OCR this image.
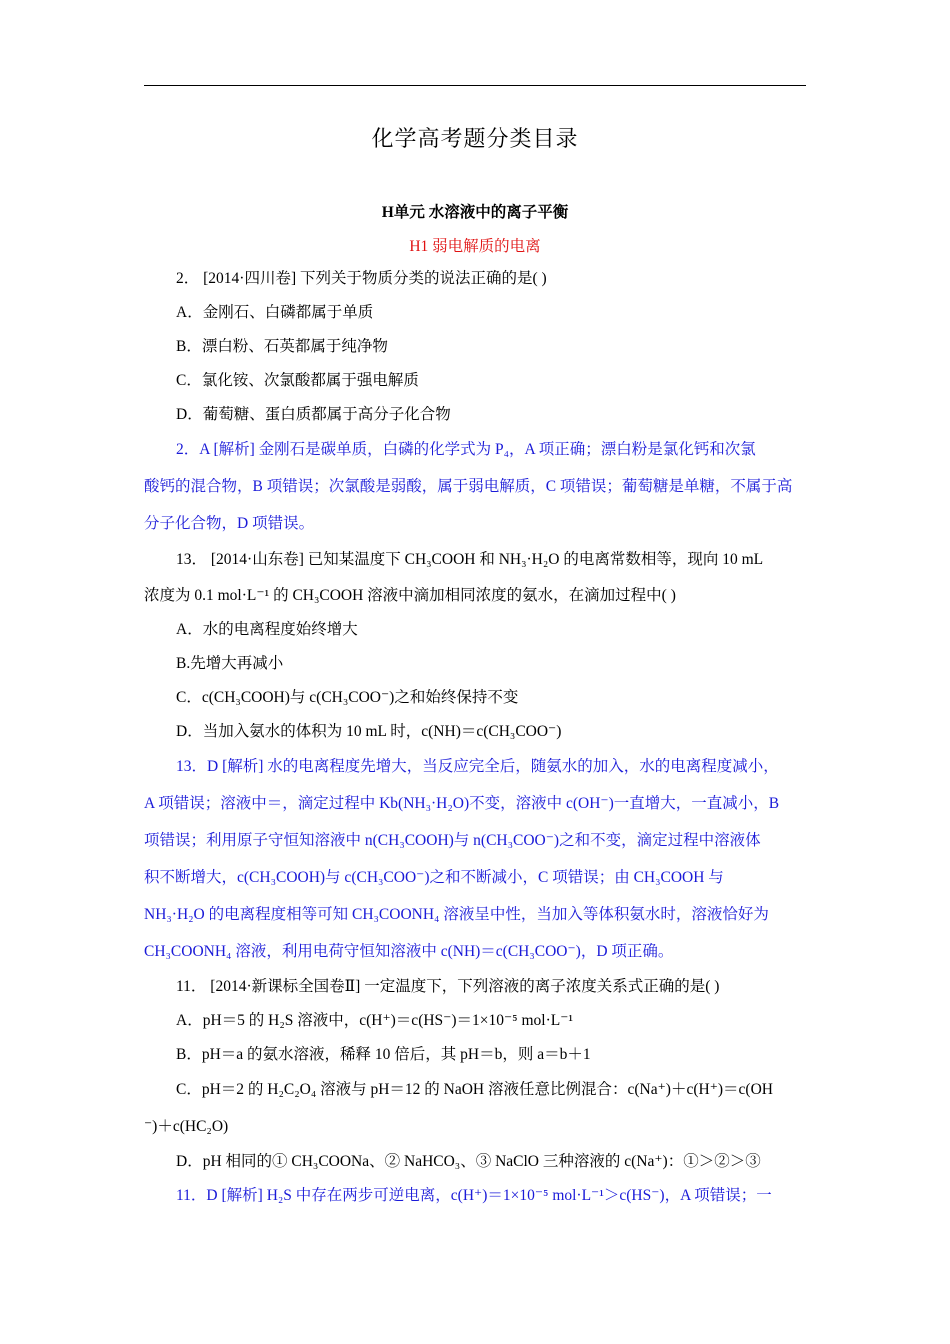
化学高考题分类目录
H单元 水溶液中的离子平衡
H1 弱电解质的电离
2． [2014·四川卷] 下列关于物质分类的说法正确的是( )
A．金刚石、白磷都属于单质
B．漂白粉、石英都属于纯净物
C．氯化铵、次氯酸都属于强电解质
D．葡萄糖、蛋白质都属于高分子化合物
2．A [解析] 金刚石是碳单质，白磷的化学式为 P₄，A 项正确；漂白粉是氯化钙和次氯
酸钙的混合物，B 项错误；次氯酸是弱酸，属于弱电解质，C 项错误；葡萄糖是单糖，不属于高
分子化合物，D 项错误。
13． [2014·山东卷] 已知某温度下 CH₃COOH 和 NH₃·H₂O 的电离常数相等，现向 10 mL
浓度为 0.1 mol·L⁻¹ 的 CH₃COOH 溶液中滴加相同浓度的氨水，在滴加过程中( )
A．水的电离程度始终增大
B.先增大再减小
C．c(CH₃COOH)与 c(CH₃COO⁻)之和始终保持不变
D．当加入氨水的体积为 10 mL 时，c(NH)＝c(CH₃COO⁻)
13．D [解析] 水的电离程度先增大，当反应完全后，随氨水的加入，水的电离程度减小，
A 项错误；溶液中＝，滴定过程中 Kb(NH₃·H₂O)不变，溶液中 c(OH⁻)一直增大，一直减小，B
项错误；利用原子守恒知溶液中 n(CH₃COOH)与 n(CH₃COO⁻)之和不变，滴定过程中溶液体
积不断增大，c(CH₃COOH)与 c(CH₃COO⁻)之和不断减小，C 项错误；由 CH₃COOH 与
NH₃·H₂O 的电离程度相等可知 CH₃COONH₄ 溶液呈中性，当加入等体积氨水时，溶液恰好为
CH₃COONH₄ 溶液，利用电荷守恒知溶液中 c(NH)＝c(CH₃COO⁻)，D 项正确。
11． [2014·新课标全国卷Ⅱ] 一定温度下，下列溶液的离子浓度关系式正确的是( )
A．pH＝5 的 H₂S 溶液中，c(H⁺)＝c(HS⁻)＝1×10⁻⁵ mol·L⁻¹
B．pH＝a 的氨水溶液，稀释 10 倍后，其 pH＝b，则 a＝b＋1
C．pH＝2 的 H₂C₂O₄ 溶液与 pH＝12 的 NaOH 溶液任意比例混合：c(Na⁺)＋c(H⁺)＝c(OH
⁻)＋c(HC₂O)
D．pH 相同的① CH₃COONa、② NaHCO₃、③ NaClO 三种溶液的 c(Na⁺)：①＞②＞③
11．D [解析] H₂S 中存在两步可逆电离，c(H⁺)＝1×10⁻⁵ mol·L⁻¹＞c(HS⁻)，A 项错误；一
